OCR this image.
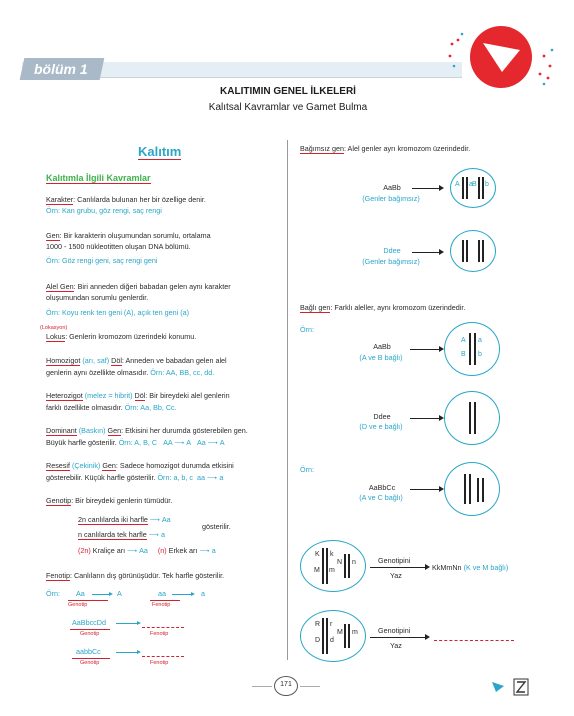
bölüm 1
KALITIMIN GENEL İLKELERİ
Kalıtsal Kavramlar ve Gamet Bulma
Kalıtım
Kalıtımla İlgili Kavramlar
Karakter: Canlılarda bulunan her bir özellige denir.
Örn: Kan grubu, göz rengi, saç rengi
Gen: Bir karakterin oluşumundan sorumlu, ortalama
1000 - 1500 nükleotitten oluşan DNA bölümü.
Örn: Göz rengi geni, saç rengi geni
Alel Gen: Biri anneden diğeri babadan gelen aynı karakter
oluşumundan sorumlu genlerdir.
Örn: Koyu renk ten geni (A), açık ten geni (a)
(Lokasyon)
Lokus: Genlerin kromozom üzerindeki konumu.
Homozigot (arı, saf) Döl: Anneden ve babadan gelen alel
genlerin aynı özellikte olmasıdır. Örn: AA, BB, cc, dd.
Heterozigot (melez = hibrit) Döl: Bir bireydeki alel genlerin
farklı özellikte olmasıdır. Örn: Aa, Bb, Cc.
Dominant (Baskın) Gen: Etkisini her durumda gösterebilen gen.
Büyük harfle gösterilir. Örn: A, B, C AA ⟶ A Aa ⟶ A
Resesif (Çekinik) Gen: Sadece homozigot durumda etkisini
gösterebilir. Küçük harfle gösterilir. Örn: a, b, c aa ⟶ a
Genotip: Bir bireydeki genlerin tümüdür.
2n canlılarda iki harfle ⟶ Aa
gösterilir.
n canlılarda tek harfle ⟶ a
(2n) Kraliçe arı ⟶ Aa (n) Erkek arı ⟶ a
Fenotip: Canlıların dış görünüşüdür. Tek harfle gösterilir.
Örn: Aa	A	aa	a
Genotip	Fenotip
AaBbccDd
Genotip	Fenotip
aabbCc
Genotip	Fenotip
Bağımsız gen: Alel genler ayrı kromozom üzerindedir.
AaBb
(Genler bağımsız)
A a B b
Ddee
(Genler bağımsız)
Bağlı gen: Farklı aleller, aynı kromozom üzerindedir.
Örn:
AaBb
(A ve B bağlı)
A a
B b
Ddee
(D ve e bağlı)
Örn:
AaBbCc
(A ve C bağlı)
K k
M m
N n	Genotipini
Yaz
KkMmNn (K ve M bağlı)
R r
D d
M m	Genotipini
Yaz
171
